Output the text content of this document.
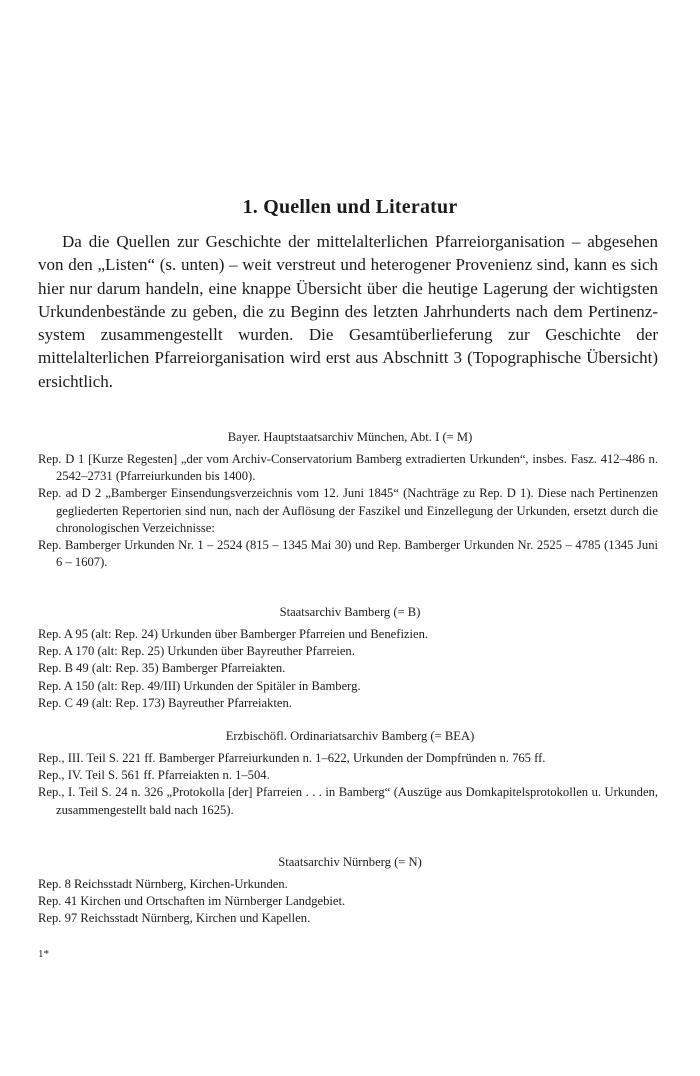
1. Quellen und Literatur

Da die Quellen zur Geschichte der mittelalterlichen Pfarreiorganisation – abgesehen von den „Listen“ (s. unten) – weit verstreut und heterogener Provenienz sind, kann es sich hier nur darum handeln, eine knappe Übersicht über die heutige Lagerung der wichtigsten Urkundenbestände zu geben, die zu Beginn des letzten Jahrhunderts nach dem Pertinenzsystem zusammengestellt wurden. Die Gesamtüberlieferung zur Geschichte der mittelalterlichen Pfarreiorganisation wird erst aus Abschnitt 3 (Topographische Übersicht) ersichtlich.

Bayer. Hauptstaatsarchiv München, Abt. I (= M)
Rep. D 1 [Kurze Regesten] „der vom Archiv-Conservatorium Bamberg extradierten Urkunden“, insbes. Fasz. 412–486 n. 2542–2731 (Pfarreiurkunden bis 1400).
Rep. ad D 2 „Bamberger Einsendungsverzeichnis vom 12. Juni 1845“ (Nachträge zu Rep. D 1). Diese nach Pertinenzen gegliederten Repertorien sind nun, nach der Auflösung der Faszikel und Einzellegung der Urkunden, ersetzt durch die chronologischen Verzeichnisse:
Rep. Bamberger Urkunden Nr. 1 – 2524 (815 – 1345 Mai 30) und Rep. Bamberger Urkunden Nr. 2525 – 4785 (1345 Juni 6 – 1607).
Staatsarchiv Bamberg (= B)
Rep. A 95 (alt: Rep. 24) Urkunden über Bamberger Pfarreien und Benefizien.
Rep. A 170 (alt: Rep. 25) Urkunden über Bayreuther Pfarreien.
Rep. B 49 (alt: Rep. 35) Bamberger Pfarreiakten.
Rep. A 150 (alt: Rep. 49/III) Urkunden der Spitäler in Bamberg.
Rep. C 49 (alt: Rep. 173) Bayreuther Pfarreiakten.
Erzbischöfl. Ordinariatsarchiv Bamberg (= BEA)
Rep., III. Teil S. 221 ff. Bamberger Pfarreiurkunden n. 1–622, Urkunden der Dompfründen n. 765 ff.
Rep., IV. Teil S. 561 ff. Pfarreiakten n. 1–504.
Rep., I. Teil S. 24 n. 326 „Protokolla [der] Pfarreien . . . in Bamberg“ (Auszüge aus Domkapitelsprotokollen u. Urkunden, zusammengestellt bald nach 1625).
Staatsarchiv Nürnberg (= N)
Rep. 8 Reichsstadt Nürnberg, Kirchen-Urkunden.
Rep. 41 Kirchen und Ortschaften im Nürnberger Landgebiet.
Rep. 97 Reichsstadt Nürnberg, Kirchen und Kapellen.
1*
